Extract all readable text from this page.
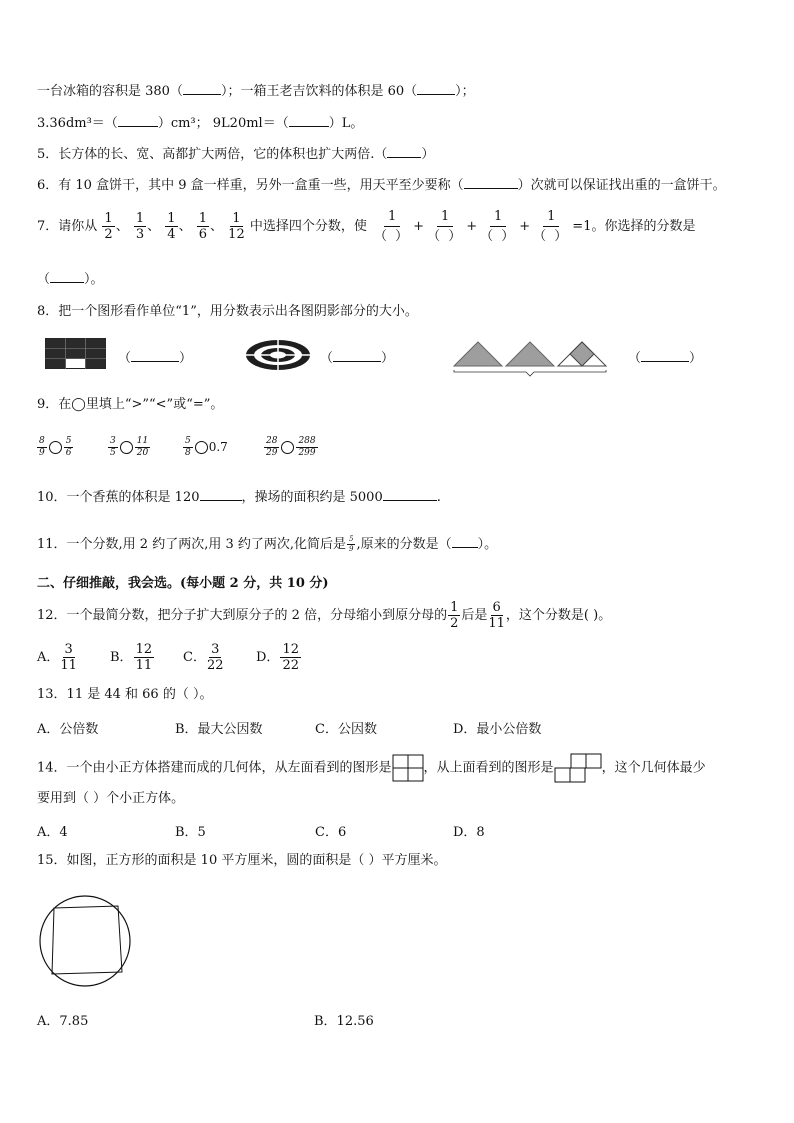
一台冰箱的容积是 380（	）；一箱王老吉饮料的体积是 60（	）；
3.36dm³＝（	）cm³； 9L20ml＝（	）L。
5．长方体的长、宽、高都扩大两倍，它的体积也扩大两倍.（	）
6．有 10 盒饼干，其中 9 盒一样重，另外一盒重一些，用天平至少要称（	）次就可以保证找出重的一盒饼干。
7．请你从 $\frac{1}{2}$ 、 $\frac{1}{3}$ 、 $\frac{1}{4}$ 、 $\frac{1}{6}$ 、 $\frac{1}{12}$ 中选择四个分数，使
1
（ ）
+
1
（ ）
+
1
（ ）
+
1
（ ）
=1。你选择的分数是
（	）。
8．把一个图形看作单位“1”，用分数表示出各图阴影部分的大小。
（	）	（	）	（	）
9．在◯里填上“>”“<”或“=”。
$\frac{8}{9} \frac{5}{6}$	$\frac{3}{5} \frac{11}{20}$	$\frac{5}{8} 0.7$	$\frac{28}{29} \frac{288}{299}$
10．一个香蕉的体积是 120	，操场的面积约是 5000	.
11．一个分数,用 2 约了两次,用 3 约了两次,化简后是 $\frac{5}{9}$ ,原来的分数是（ ）。
二、仔细推敲，我会选。(每小题 2 分，共 10 分)
12．一个最简分数，把分子扩大到原分子的 2 倍，分母缩小到原分母的 $\frac{1}{2}$ 后是 $\frac{6}{11}$ ，这个分数是( )。
A． $\frac{3}{11}$	B． $\frac{12}{11}$ C． $\frac{3}{22}$	D． $\frac{12}{22}$
13．11 是 44 和 66 的（ ）。
A．公倍数	B．最大公因数	C．公因数	D．最小公倍数
14．一个由小正方体搭建而成的几何体，从左面看到的图形是 ，从上面看到的图形是	，这个几何体最少
要用到（ ）个小正方体。
A．4	B．5	C．6	D．8
15．如图，正方形的面积是 10 平方厘米，圆的面积是（ ）平方厘米。
A．7.85	B．12.56
